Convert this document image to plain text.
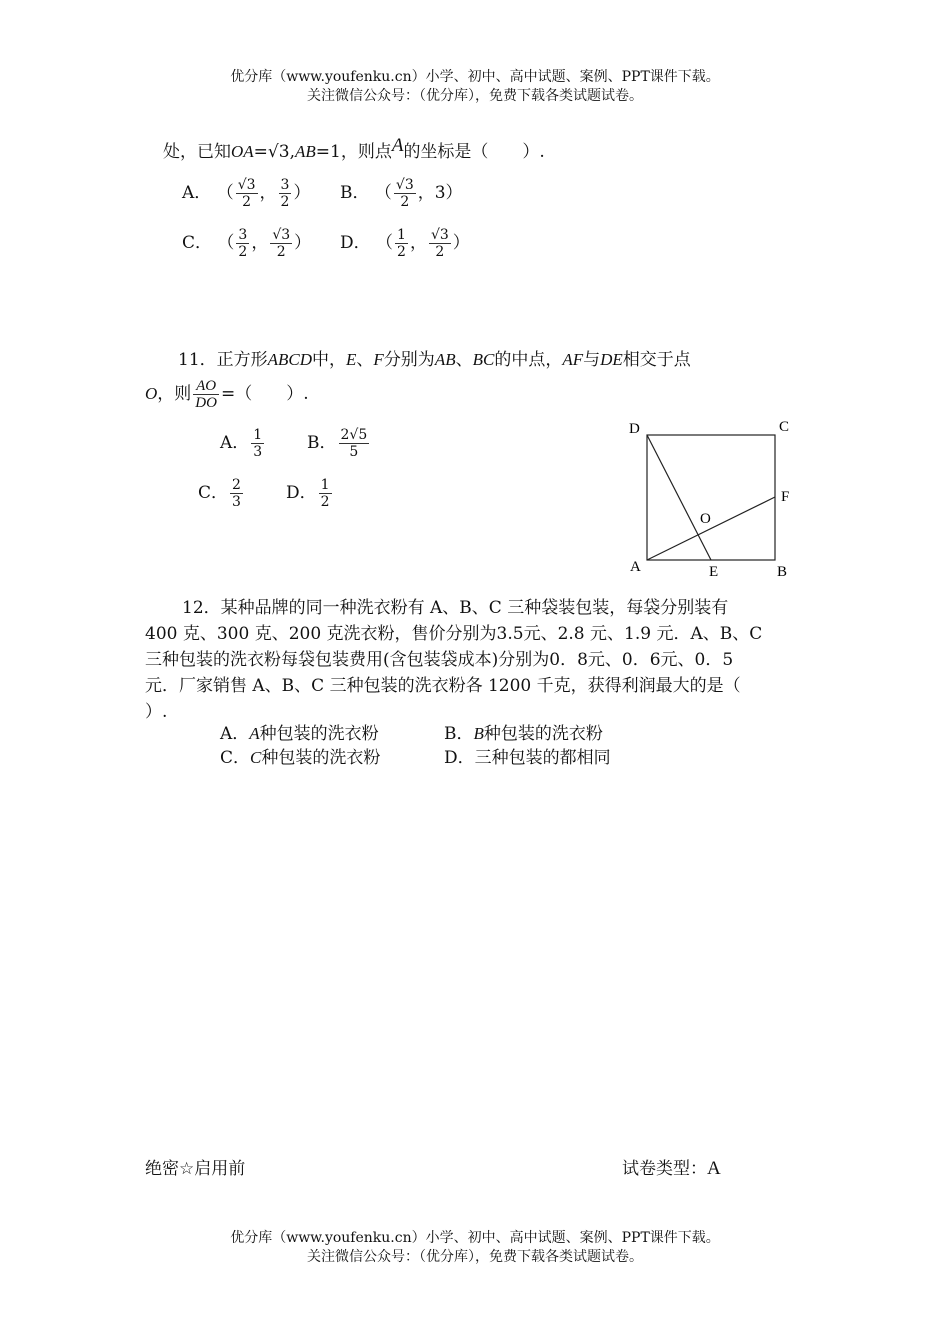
优分库（www.youfenku.cn）小学、初中、高中试题、案例、PPT课件下载。
关注微信公众号：（优分库），免费下载各类试题试卷。
处，已知OA=√3,AB=1，则点A的坐标是（　　）.
A． （ $\frac{√3}{2}$ ， $\frac{3}{2}$ ） B． （ $\frac{√3}{2}$ ，3）
C． （ $\frac{3}{2}$ ， $\frac{√3}{2}$ ） D． （ $\frac{1}{2}$ ， $\frac{√3}{2}$ ）
11．正方形ABCD中，E、F分别为AB、BC的中点，AF与DE相交于点
O，则 $\frac{AO}{DO}$ =（　　）.
A． $\frac{1}{3}$	B． $\frac{2√5}{5}$
C． $\frac{2}{3}$	D． $\frac{1}{2}$
D	C
F
O
A	E	B
12．某种品牌的同一种洗衣粉有 A、B、C 三种袋装包装，每袋分别装有
400 克、300 克、200 克洗衣粉，售价分别为3.5元、2.8 元、1.9 元．A、B、C
三种包装的洗衣粉每袋包装费用(含包装袋成本)分别为0．8元、0．6元、0．5
元．厂家销售 A、B、C 三种包装的洗衣粉各 1200 千克，获得利润最大的是（
）.
A．A种包装的洗衣粉	B．B种包装的洗衣粉
C．C种包装的洗衣粉	D．三种包装的都相同
绝密☆启用前	试卷类型：A
优分库（www.youfenku.cn）小学、初中、高中试题、案例、PPT课件下载。
关注微信公众号：（优分库），免费下载各类试题试卷。
